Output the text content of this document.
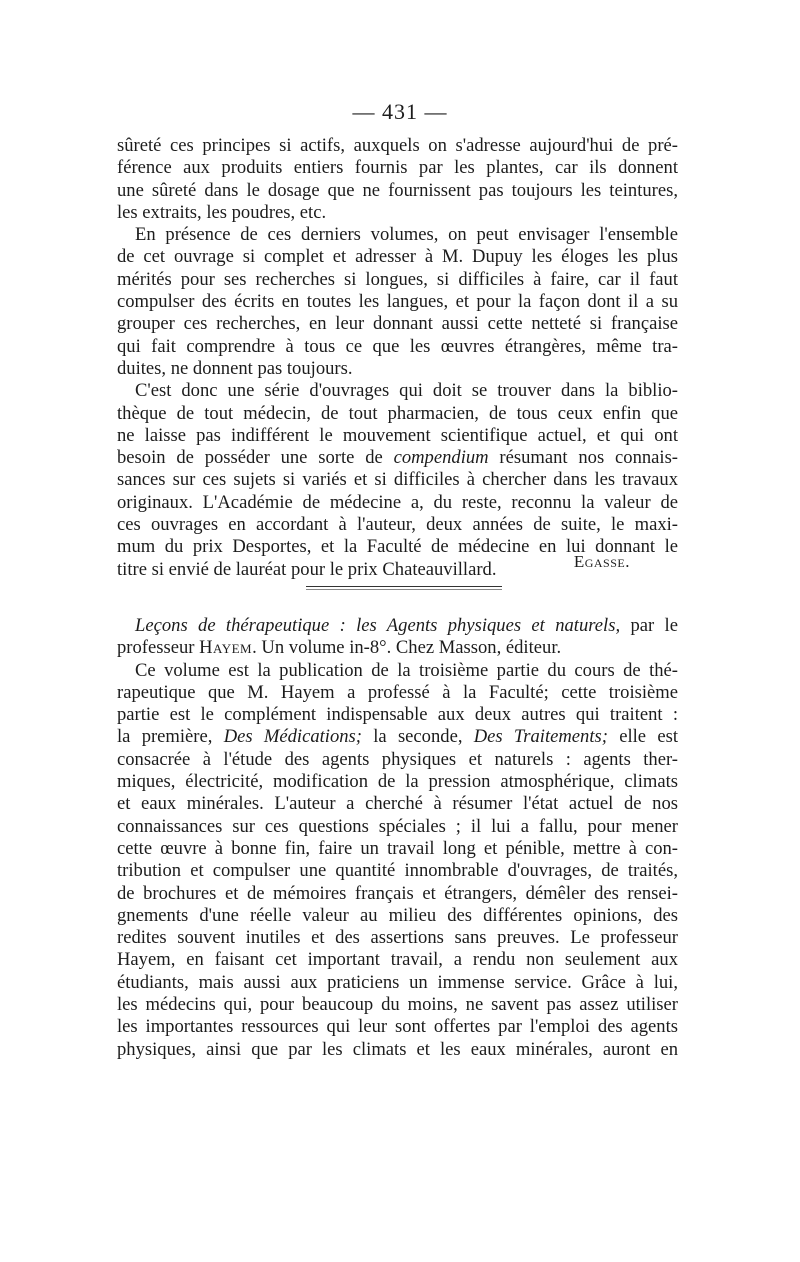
— 431 —
sûreté ces principes si actifs, auxquels on s'adresse aujourd'hui de pré-
férence aux produits entiers fournis par les plantes, car ils donnent
une sûreté dans le dosage que ne fournissent pas toujours les teintures,
les extraits, les poudres, etc.
En présence de ces derniers volumes, on peut envisager l'ensemble
de cet ouvrage si complet et adresser à M. Dupuy les éloges les plus
mérités pour ses recherches si longues, si difficiles à faire, car il faut
compulser des écrits en toutes les langues, et pour la façon dont il a su
grouper ces recherches, en leur donnant aussi cette netteté si française
qui fait comprendre à tous ce que les œuvres étrangères, même tra-
duites, ne donnent pas toujours.
C'est donc une série d'ouvrages qui doit se trouver dans la biblio-
thèque de tout médecin, de tout pharmacien, de tous ceux enfin que
ne laisse pas indifférent le mouvement scientifique actuel, et qui ont
besoin de posséder une sorte de compendium résumant nos connais-
sances sur ces sujets si variés et si difficiles à chercher dans les travaux
originaux. L'Académie de médecine a, du reste, reconnu la valeur de
ces ouvrages en accordant à l'auteur, deux années de suite, le maxi-
mum du prix Desportes, et la Faculté de médecine en lui donnant le
titre si envié de lauréat pour le prix Chateauvillard.	Egasse.
Leçons de thérapeutique : les Agents physiques et naturels, par le
professeur Hayem. Un volume in-8°. Chez Masson, éditeur.
Ce volume est la publication de la troisième partie du cours de thé-
rapeutique que M. Hayem a professé à la Faculté; cette troisième
partie est le complément indispensable aux deux autres qui traitent :
la première, Des Médications; la seconde, Des Traitements; elle est
consacrée à l'étude des agents physiques et naturels : agents ther-
miques, électricité, modification de la pression atmosphérique, climats
et eaux minérales. L'auteur a cherché à résumer l'état actuel de nos
connaissances sur ces questions spéciales ; il lui a fallu, pour mener
cette œuvre à bonne fin, faire un travail long et pénible, mettre à con-
tribution et compulser une quantité innombrable d'ouvrages, de traités,
de brochures et de mémoires français et étrangers, démêler des rensei-
gnements d'une réelle valeur au milieu des différentes opinions, des
redites souvent inutiles et des assertions sans preuves. Le professeur
Hayem, en faisant cet important travail, a rendu non seulement aux
étudiants, mais aussi aux praticiens un immense service. Grâce à lui,
les médecins qui, pour beaucoup du moins, ne savent pas assez utiliser
les importantes ressources qui leur sont offertes par l'emploi des agents
physiques, ainsi que par les climats et les eaux minérales, auront en
